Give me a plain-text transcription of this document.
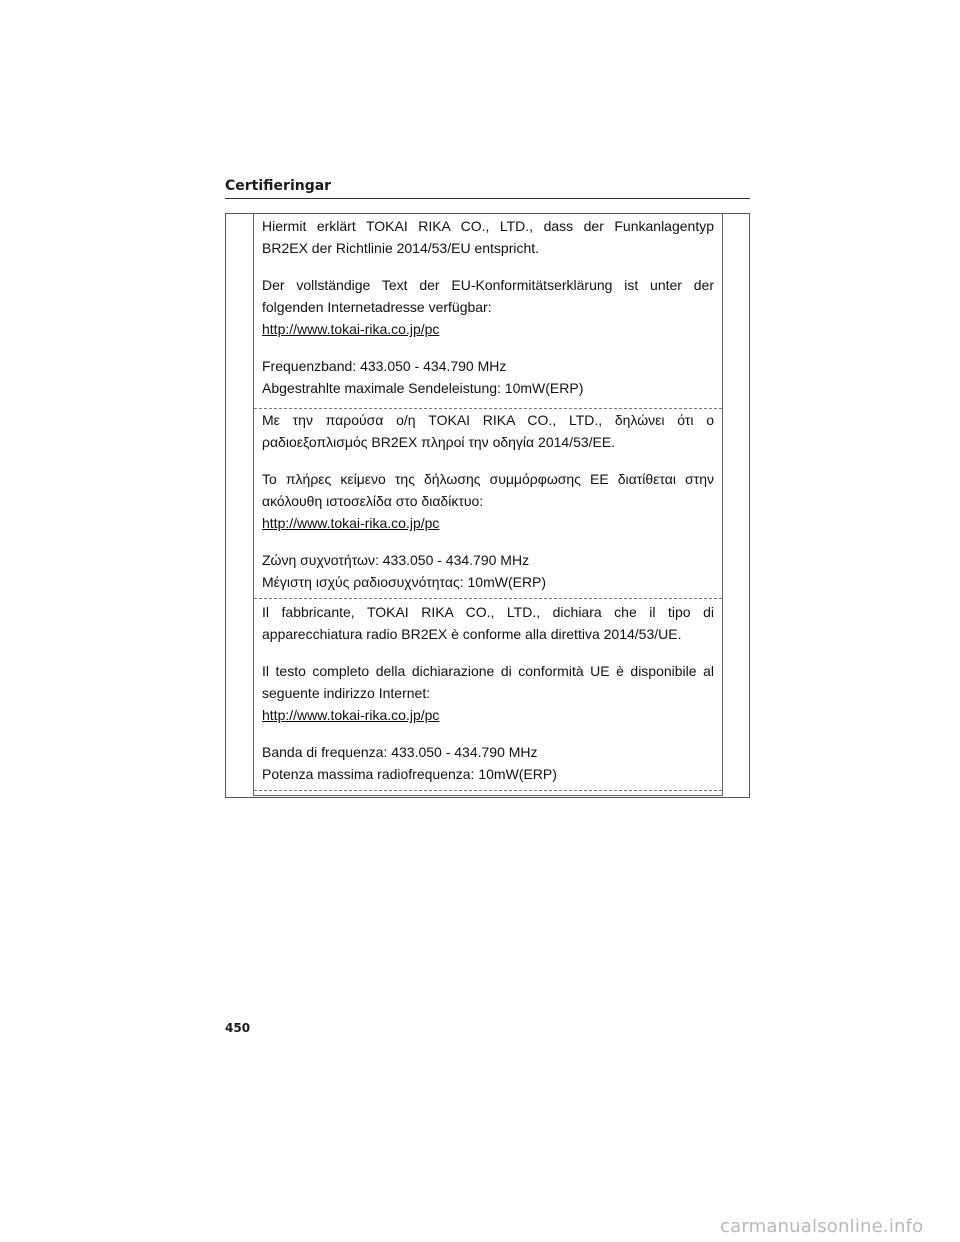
Certifieringar
Hiermit erklärt TOKAI RIKA CO., LTD., dass der Funkanlagentyp
BR2EX der Richtlinie 2014/53/EU entspricht.
Der vollständige Text der EU-Konformitätserklärung ist unter der
folgenden Internetadresse verfügbar:
http://www.tokai-rika.co.jp/pc
Frequenzband: 433.050 - 434.790 MHz
Abgestrahlte maximale Sendeleistung: 10mW(ERP)
Με την παρούσα ο/η TOKAI RIKA CO., LTD., δηλώνει ότι ο
ραδιοεξοπλισμός BR2EX πληροί την οδηγία 2014/53/ΕΕ.
Το πλήρες κείμενο της δήλωσης συμμόρφωσης ΕΕ διατίθεται στην
ακόλουθη ιστοσελίδα στο διαδίκτυο:
http://www.tokai-rika.co.jp/pc
Ζώνη συχνοτήτων: 433.050 - 434.790 MHz
Μέγιστη ισχύς ραδιοσυχνότητας: 10mW(ERP)
Il fabbricante, TOKAI RIKA CO., LTD., dichiara che il tipo di
apparecchiatura radio BR2EX è conforme alla direttiva 2014/53/UE.
Il testo completo della dichiarazione di conformità UE è disponibile al
seguente indirizzo Internet:
http://www.tokai-rika.co.jp/pc
Banda di frequenza: 433.050 - 434.790 MHz
Potenza massima radiofrequenza: 10mW(ERP)
450
carmanualsonline.info
